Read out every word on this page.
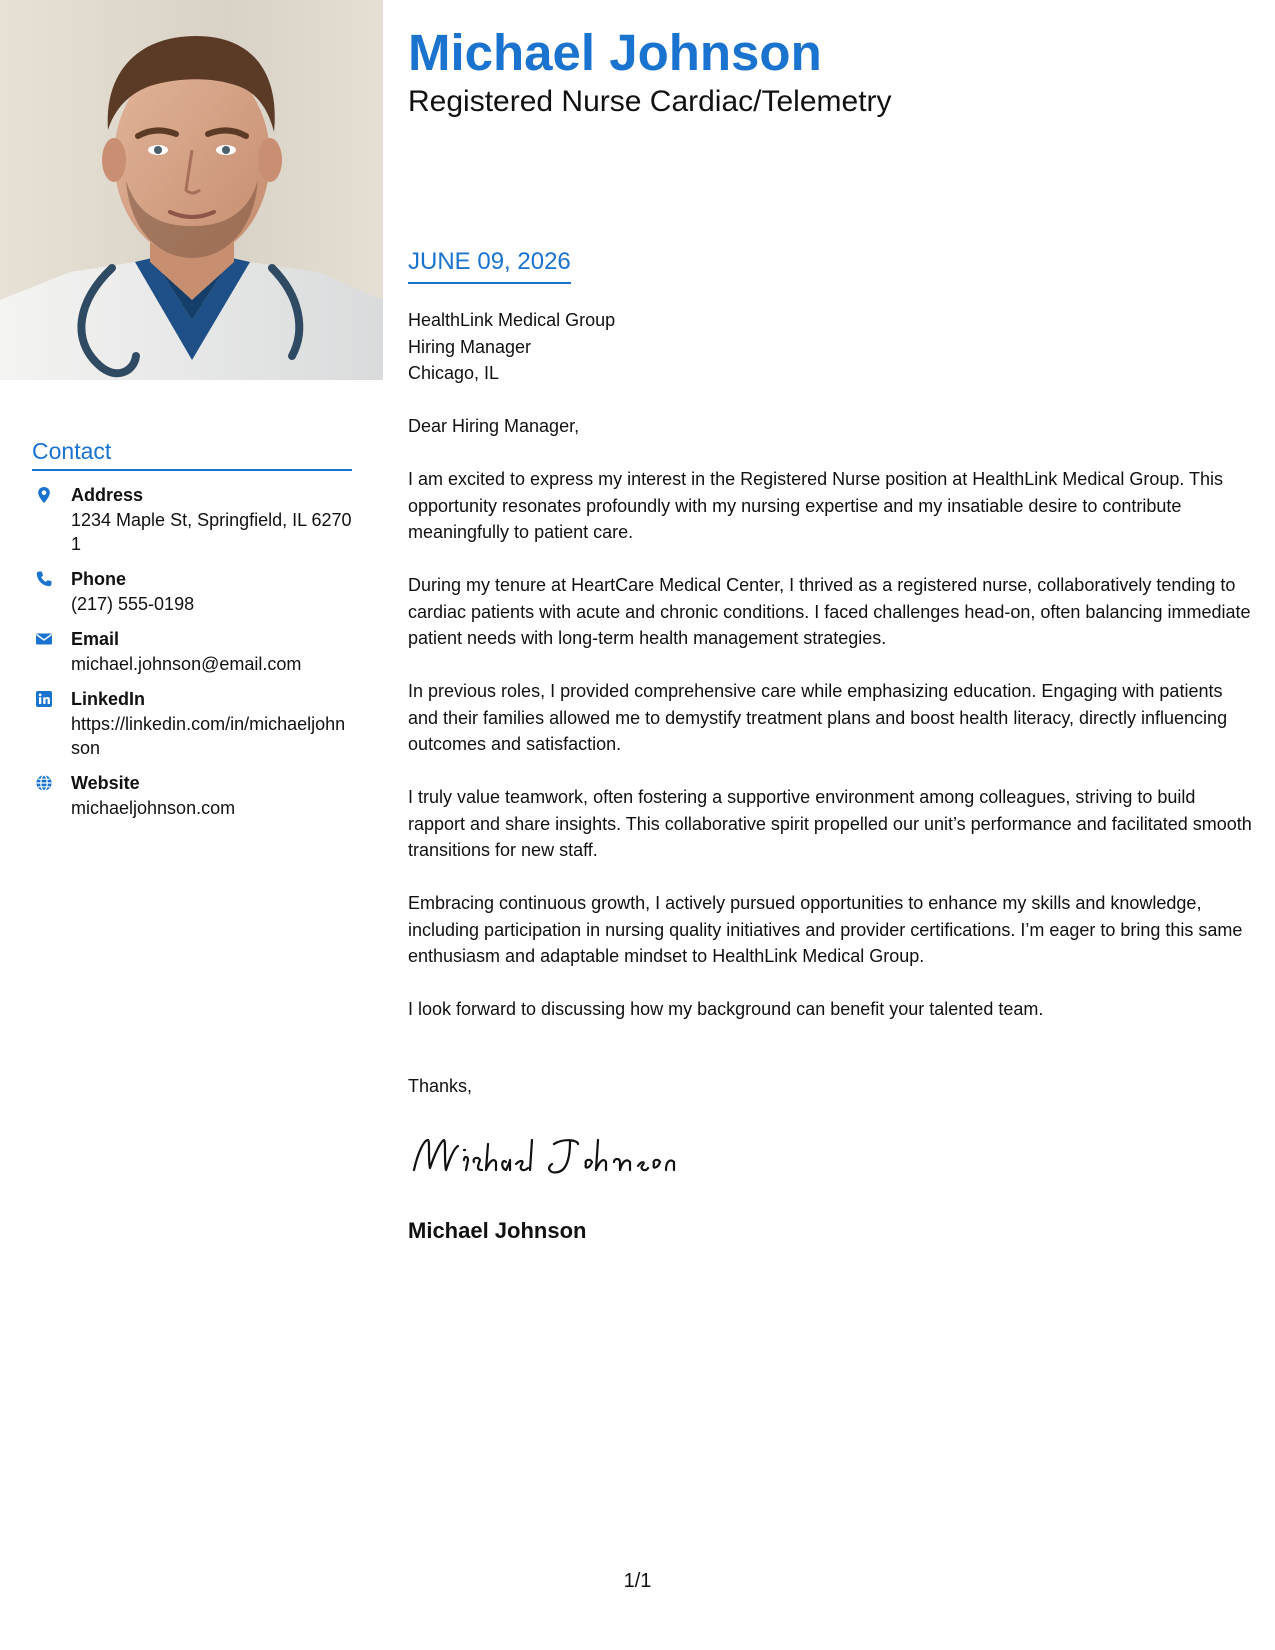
Contact
Address
1234 Maple St, Springfield, IL 62701
Phone
(217) 555-0198
Email
michael.johnson@email.com
LinkedIn
https://linkedin.com/in/michaeljohnson
Website
michaeljohnson.com
Michael Johnson
Registered Nurse Cardiac/Telemetry
JUNE 09, 2026
HealthLink Medical Group
Hiring Manager
Chicago, IL
Dear Hiring Manager,

I am excited to express my interest in the Registered Nurse position at HealthLink Medical Group. This opportunity resonates profoundly with my nursing expertise and my insatiable desire to contribute meaningfully to patient care.

During my tenure at HeartCare Medical Center, I thrived as a registered nurse, collaboratively tending to cardiac patients with acute and chronic conditions. I faced challenges head-on, often balancing immediate patient needs with long-term health management strategies.

In previous roles, I provided comprehensive care while emphasizing education. Engaging with patients and their families allowed me to demystify treatment plans and boost health literacy, directly influencing outcomes and satisfaction.

I truly value teamwork, often fostering a supportive environment among colleagues, striving to build rapport and share insights. This collaborative spirit propelled our unit’s performance and facilitated smooth transitions for new staff.

Embracing continuous growth, I actively pursued opportunities to enhance my skills and knowledge, including participation in nursing quality initiatives and provider certifications. I’m eager to bring this same enthusiasm and adaptable mindset to HealthLink Medical Group.

I look forward to discussing how my background can benefit your talented team.

Thanks,
Michael Johnson
1/1
